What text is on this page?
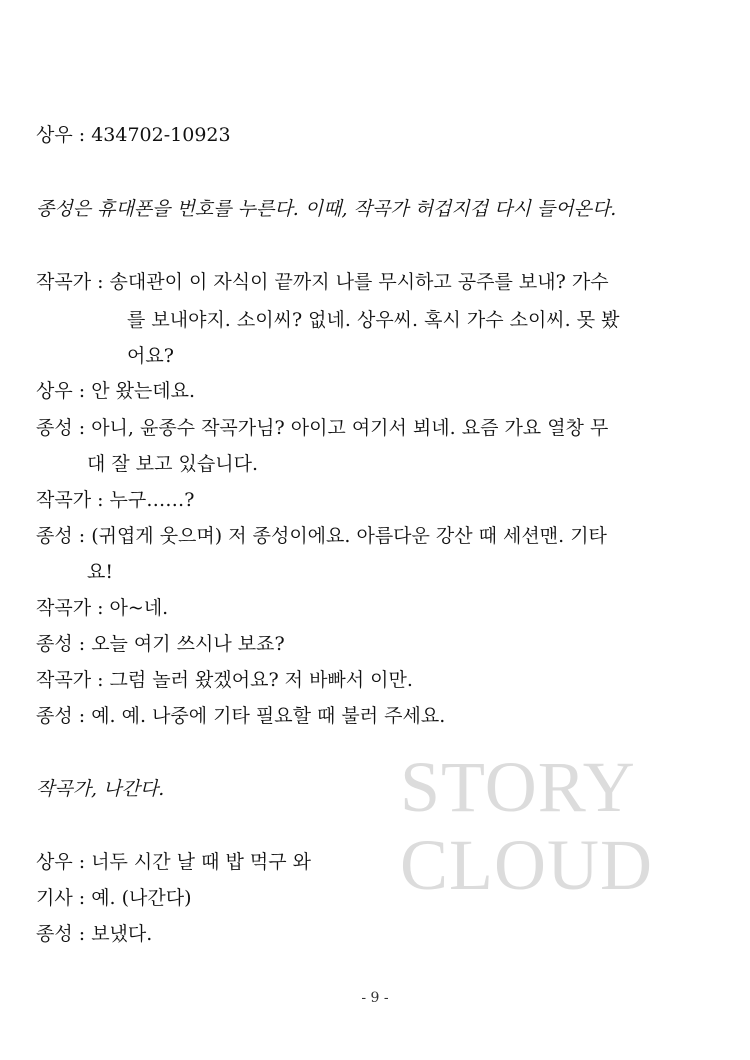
상우 : 434702-10923
종성은 휴대폰을 번호를 누른다. 이때, 작곡가 허겁지겁 다시 들어온다.
작곡가 : 송대관이 이 자식이 끝까지 나를 무시하고 공주를 보내? 가수
를 보내야지. 소이씨? 없네. 상우씨. 혹시 가수 소이씨. 못 봤
어요?
상우 : 안 왔는데요.
종성 : 아니, 윤종수 작곡가님? 아이고 여기서 뵈네. 요즘 가요 열창 무
대 잘 보고 있습니다.
작곡가 : 누구……?
종성 : (귀엽게 웃으며) 저 종성이에요. 아름다운 강산 때 세션맨. 기타
요!
작곡가 : 아~네.
종성 : 오늘 여기 쓰시나 보죠?
작곡가 : 그럼 놀러 왔겠어요? 저 바빠서 이만.
종성 : 예. 예. 나중에 기타 필요할 때 불러 주세요.
작곡가, 나간다.
상우 : 너두 시간 날 때 밥 먹구 와
기사 : 예. (나간다)
종성 : 보냈다.
STORY
CLOUD
- 9 -
